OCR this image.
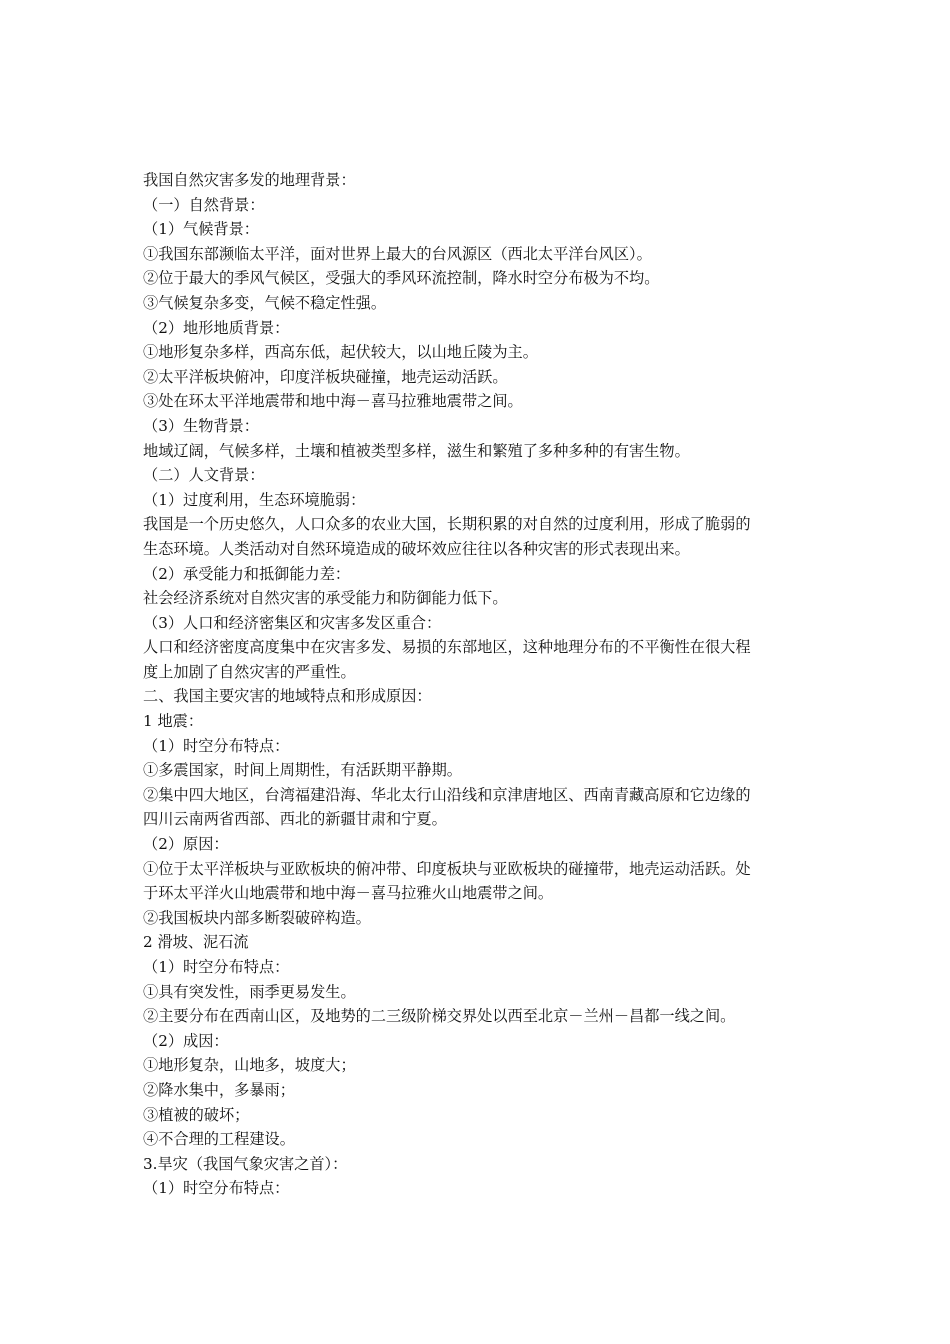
我国自然灾害多发的地理背景：

（一）自然背景：

（1）气候背景：

①我国东部濒临太平洋，面对世界上最大的台风源区（西北太平洋台风区）。

②位于最大的季风气候区，受强大的季风环流控制，降水时空分布极为不均。

③气候复杂多变，气候不稳定性强。

（2）地形地质背景：

①地形复杂多样，西高东低，起伏较大，以山地丘陵为主。

②太平洋板块俯冲，印度洋板块碰撞，地壳运动活跃。

③处在环太平洋地震带和地中海－喜马拉雅地震带之间。

（3）生物背景：

地域辽阔，气候多样，土壤和植被类型多样，滋生和繁殖了多种多种的有害生物。

（二）人文背景：

（1）过度利用，生态环境脆弱：

我国是一个历史悠久，人口众多的农业大国，长期积累的对自然的过度利用，形成了脆弱的

生态环境。人类活动对自然环境造成的破坏效应往往以各种灾害的形式表现出来。

（2）承受能力和抵御能力差：

社会经济系统对自然灾害的承受能力和防御能力低下。

（3）人口和经济密集区和灾害多发区重合：

人口和经济密度高度集中在灾害多发、易损的东部地区，这种地理分布的不平衡性在很大程

度上加剧了自然灾害的严重性。

二、我国主要灾害的地域特点和形成原因：

1 地震：

（1）时空分布特点：

①多震国家，时间上周期性，有活跃期平静期。

②集中四大地区，台湾福建沿海、华北太行山沿线和京津唐地区、西南青藏高原和它边缘的

四川云南两省西部、西北的新疆甘肃和宁夏。

（2）原因：

①位于太平洋板块与亚欧板块的俯冲带、印度板块与亚欧板块的碰撞带，地壳运动活跃。处

于环太平洋火山地震带和地中海－喜马拉雅火山地震带之间。

②我国板块内部多断裂破碎构造。

2 滑坡、泥石流

（1）时空分布特点：

①具有突发性，雨季更易发生。

②主要分布在西南山区，及地势的二三级阶梯交界处以西至北京－兰州－昌都一线之间。

（2）成因：

①地形复杂，山地多，坡度大；

②降水集中，多暴雨；

③植被的破坏；

④不合理的工程建设。

3.旱灾（我国气象灾害之首）：

（1）时空分布特点：
